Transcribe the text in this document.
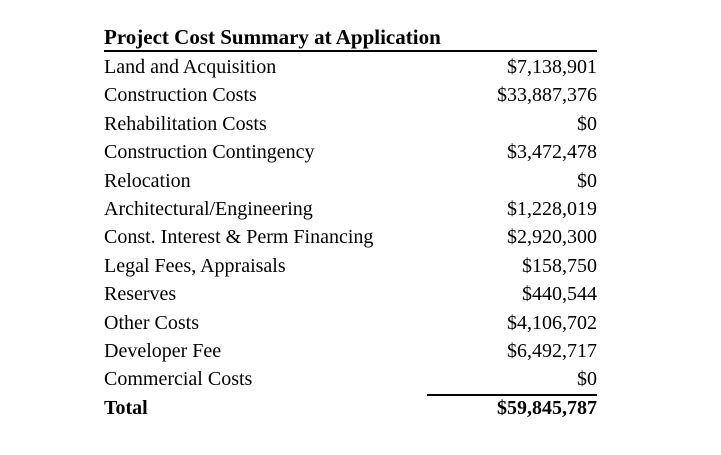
Project Cost Summary at Application
Land and Acquisition	$7,138,901
Construction Costs	$33,887,376
Rehabilitation Costs	$0
Construction Contingency	$3,472,478
Relocation	$0
Architectural/Engineering	$1,228,019
Const. Interest & Perm Financing	$2,920,300
Legal Fees, Appraisals	$158,750
Reserves	$440,544
Other Costs	$4,106,702
Developer Fee	$6,492,717
Commercial Costs	$0
Total	$59,845,787
